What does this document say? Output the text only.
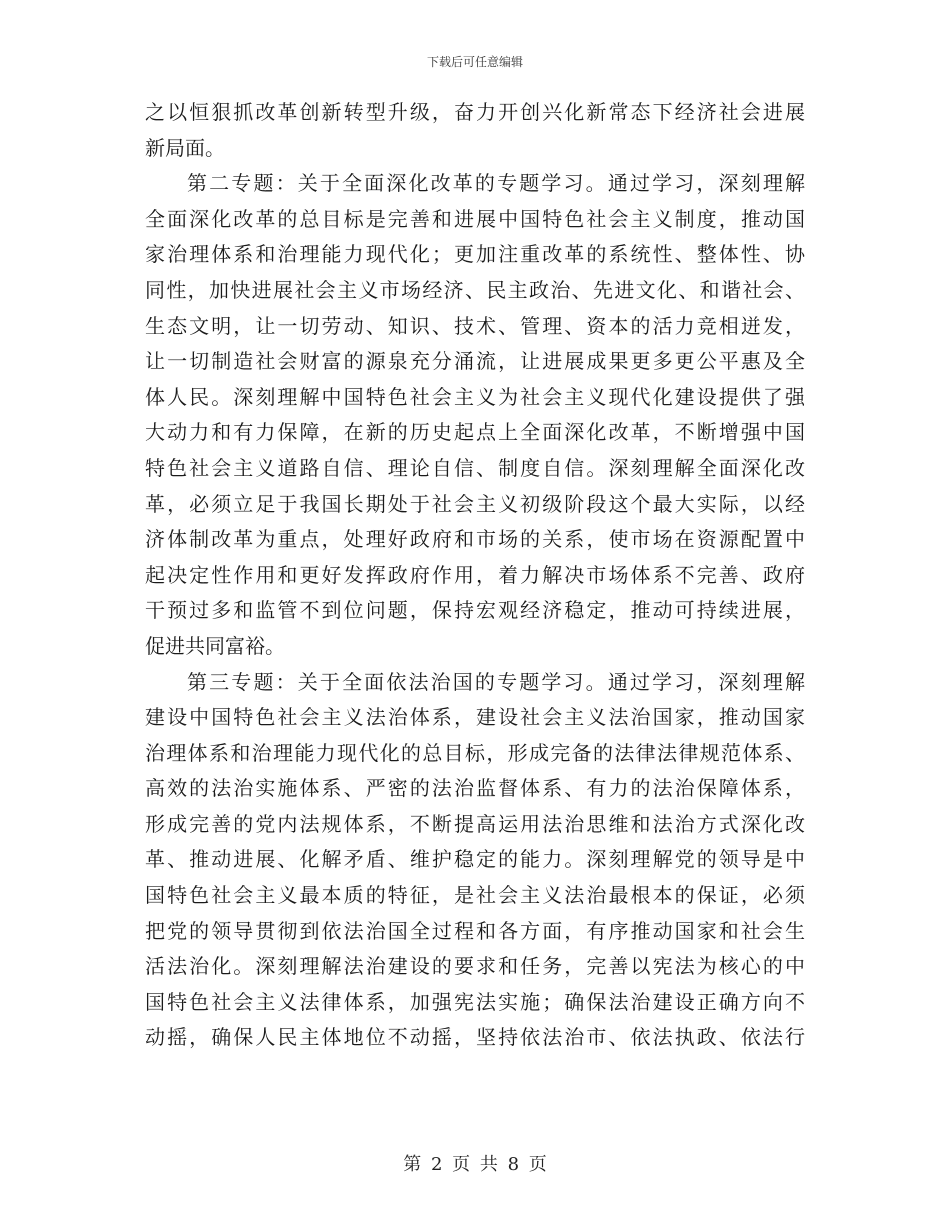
下载后可任意编辑
之以恒狠抓改革创新转型升级，奋力开创兴化新常态下经济社会进展
新局面。
第二专题：关于全面深化改革的专题学习。通过学习，深刻理解
全面深化改革的总目标是完善和进展中国特色社会主义制度，推动国
家治理体系和治理能力现代化；更加注重改革的系统性、整体性、协
同性，加快进展社会主义市场经济、民主政治、先进文化、和谐社会、
生态文明，让一切劳动、知识、技术、管理、资本的活力竞相迸发，
让一切制造社会财富的源泉充分涌流，让进展成果更多更公平惠及全
体人民。深刻理解中国特色社会主义为社会主义现代化建设提供了强
大动力和有力保障，在新的历史起点上全面深化改革，不断增强中国
特色社会主义道路自信、理论自信、制度自信。深刻理解全面深化改
革，必须立足于我国长期处于社会主义初级阶段这个最大实际，以经
济体制改革为重点，处理好政府和市场的关系，使市场在资源配置中
起决定性作用和更好发挥政府作用，着力解决市场体系不完善、政府
干预过多和监管不到位问题，保持宏观经济稳定，推动可持续进展，
促进共同富裕。
第三专题：关于全面依法治国的专题学习。通过学习，深刻理解
建设中国特色社会主义法治体系，建设社会主义法治国家，推动国家
治理体系和治理能力现代化的总目标，形成完备的法律法律规范体系、
高效的法治实施体系、严密的法治监督体系、有力的法治保障体系，
形成完善的党内法规体系，不断提高运用法治思维和法治方式深化改
革、推动进展、化解矛盾、维护稳定的能力。深刻理解党的领导是中
国特色社会主义最本质的特征，是社会主义法治最根本的保证，必须
把党的领导贯彻到依法治国全过程和各方面，有序推动国家和社会生
活法治化。深刻理解法治建设的要求和任务，完善以宪法为核心的中
国特色社会主义法律体系，加强宪法实施；确保法治建设正确方向不
动摇，确保人民主体地位不动摇，坚持依法治市、依法执政、依法行
第 2 页 共 8 页
